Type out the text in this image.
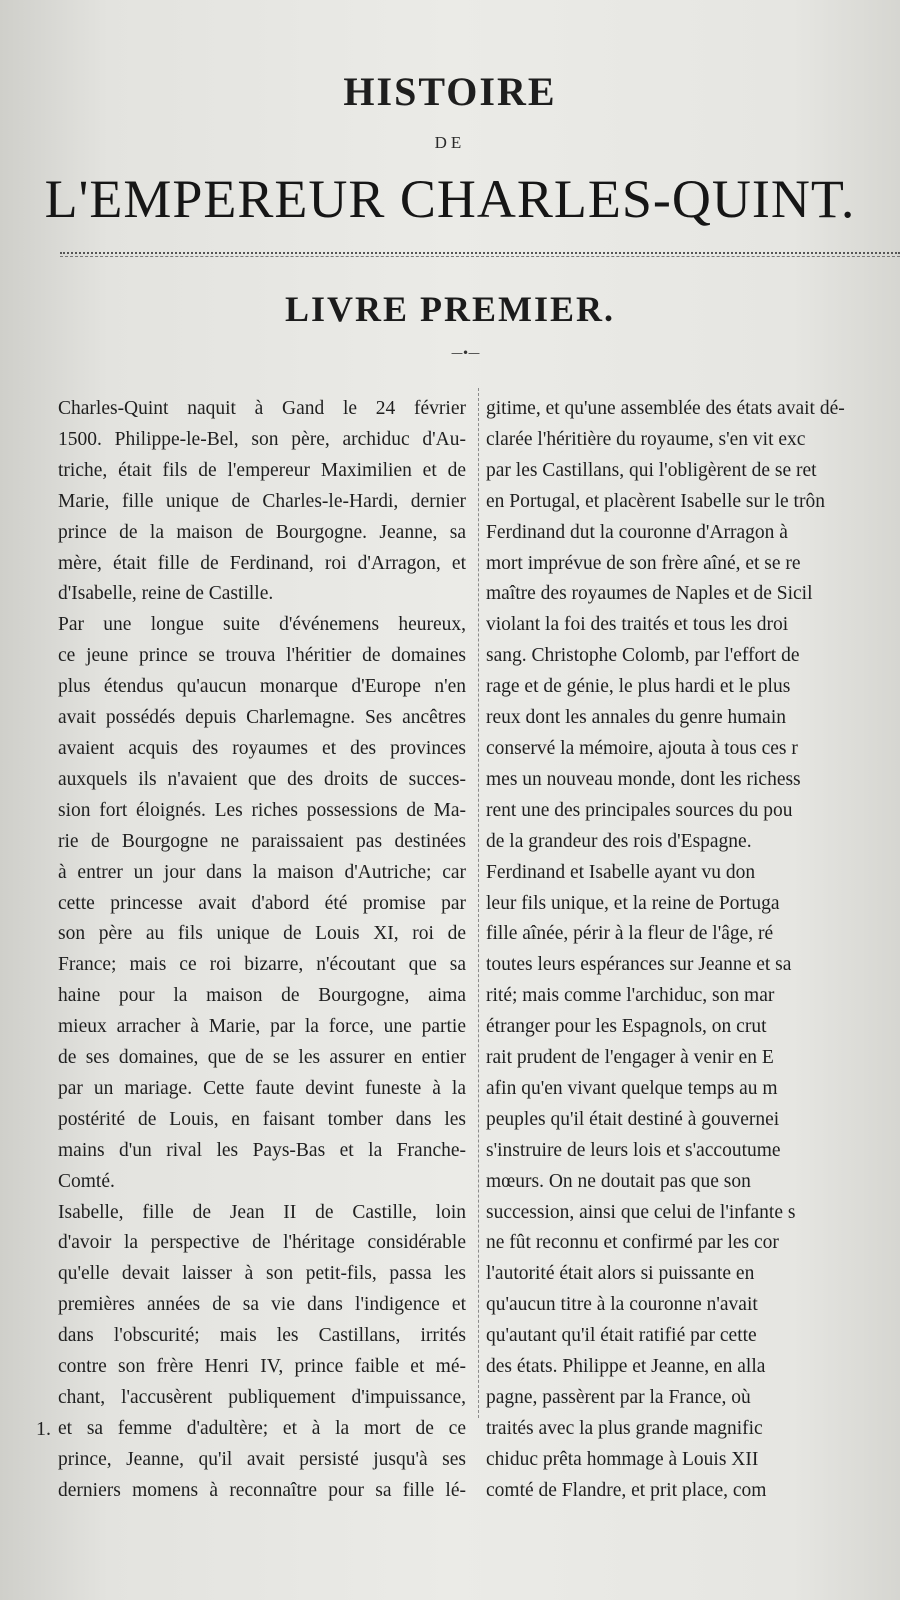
HISTOIRE
DE
L'EMPEREUR CHARLES-QUINT.
LIVRE PREMIER.
—•—
Charles-Quint naquit à Gand le 24 février
1500. Philippe-le-Bel, son père, archiduc d'Au-
triche, était fils de l'empereur Maximilien et de
Marie, fille unique de Charles-le-Hardi, dernier
prince de la maison de Bourgogne. Jeanne, sa
mère, était fille de Ferdinand, roi d'Arragon, et
d'Isabelle, reine de Castille.
Par une longue suite d'événemens heureux,
ce jeune prince se trouva l'héritier de domaines
plus étendus qu'aucun monarque d'Europe n'en
avait possédés depuis Charlemagne. Ses ancêtres
avaient acquis des royaumes et des provinces
auxquels ils n'avaient que des droits de succes-
sion fort éloignés. Les riches possessions de Ma-
rie de Bourgogne ne paraissaient pas destinées
à entrer un jour dans la maison d'Autriche; car
cette princesse avait d'abord été promise par
son père au fils unique de Louis XI, roi de
France; mais ce roi bizarre, n'écoutant que sa
haine pour la maison de Bourgogne, aima
mieux arracher à Marie, par la force, une partie
de ses domaines, que de se les assurer en entier
par un mariage. Cette faute devint funeste à la
postérité de Louis, en faisant tomber dans les
mains d'un rival les Pays-Bas et la Franche-
Comté.
Isabelle, fille de Jean II de Castille, loin
d'avoir la perspective de l'héritage considérable
qu'elle devait laisser à son petit-fils, passa les
premières années de sa vie dans l'indigence et
dans l'obscurité; mais les Castillans, irrités
contre son frère Henri IV, prince faible et mé-
chant, l'accusèrent publiquement d'impuissance,
et sa femme d'adultère; et à la mort de ce
prince, Jeanne, qu'il avait persisté jusqu'à ses
derniers momens à reconnaître pour sa fille lé-
gitime, et qu'une assemblée des états avait dé-
clarée l'héritière du royaume, s'en vit exc
par les Castillans, qui l'obligèrent de se ret
en Portugal, et placèrent Isabelle sur le trôn
Ferdinand dut la couronne d'Arragon à
mort imprévue de son frère aîné, et se re
maître des royaumes de Naples et de Sicil
violant la foi des traités et tous les droi
sang. Christophe Colomb, par l'effort de
rage et de génie, le plus hardi et le plus
reux dont les annales du genre humain
conservé la mémoire, ajouta à tous ces r
mes un nouveau monde, dont les richess
rent une des principales sources du pou
de la grandeur des rois d'Espagne.
Ferdinand et Isabelle ayant vu don
leur fils unique, et la reine de Portuga
fille aînée, périr à la fleur de l'âge, ré
toutes leurs espérances sur Jeanne et sa
rité; mais comme l'archiduc, son mar
étranger pour les Espagnols, on crut
rait prudent de l'engager à venir en E
afin qu'en vivant quelque temps au m
peuples qu'il était destiné à gouvernei
s'instruire de leurs lois et s'accoutume
mœurs. On ne doutait pas que son
succession, ainsi que celui de l'infante s
ne fût reconnu et confirmé par les cor
l'autorité était alors si puissante en
qu'aucun titre à la couronne n'avait
qu'autant qu'il était ratifié par cette
des états. Philippe et Jeanne, en alla
pagne, passèrent par la France, où
traités avec la plus grande magnific
chiduc prêta hommage à Louis XII
comté de Flandre, et prit place, com
1.
